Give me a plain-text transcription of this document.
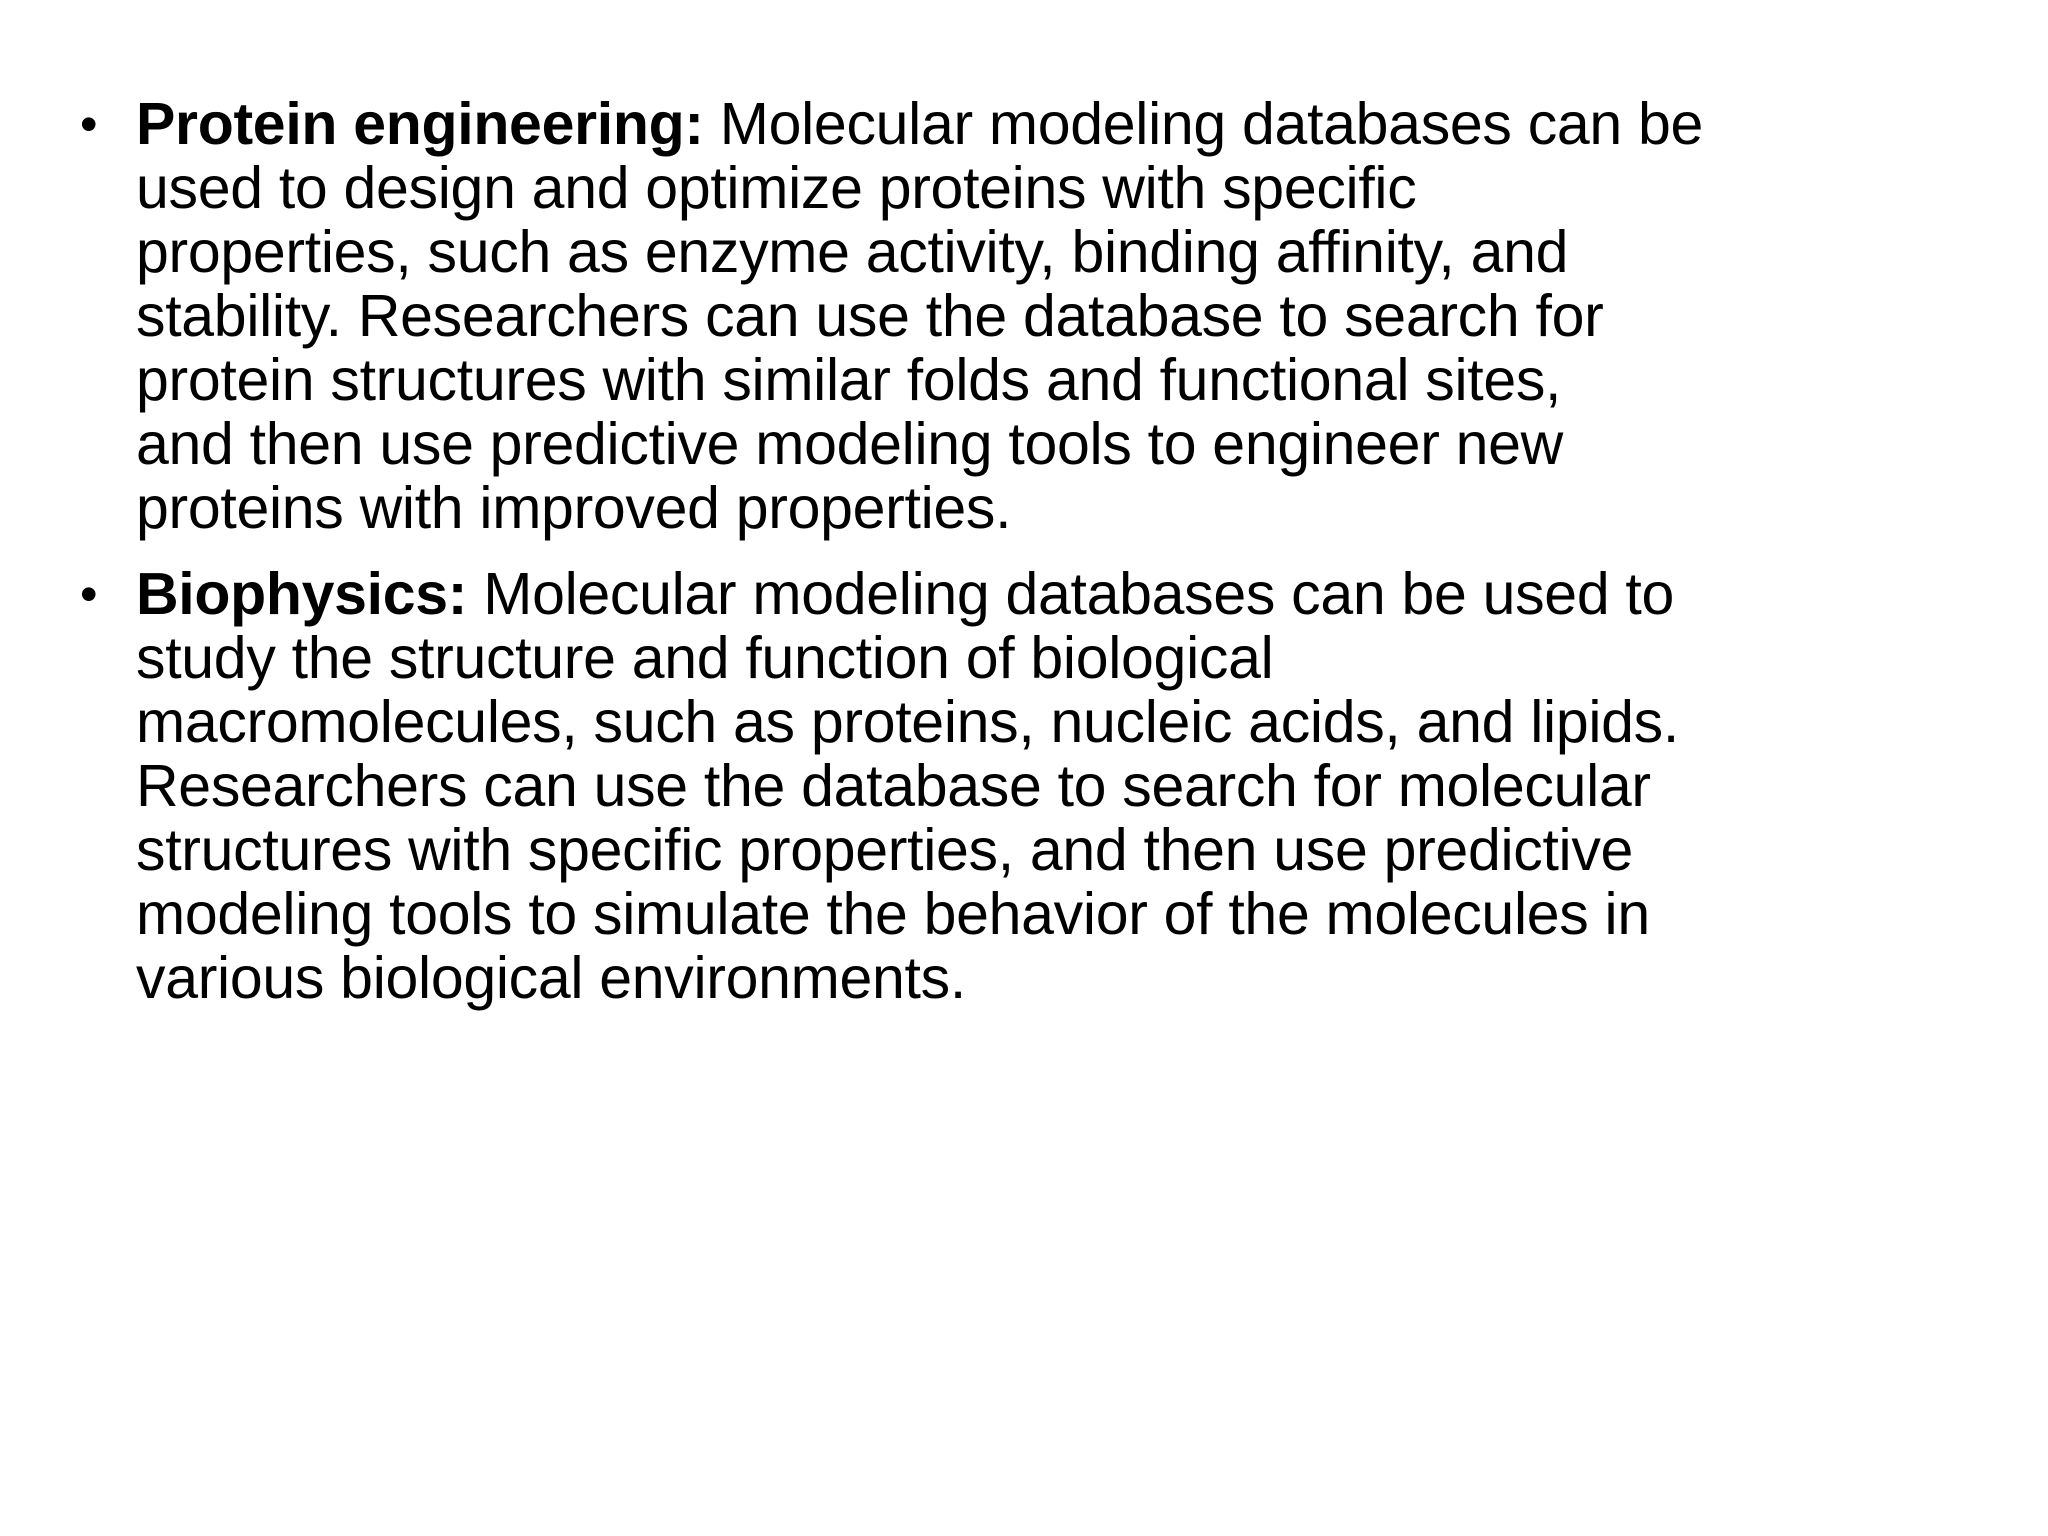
• Protein engineering: Molecular modeling databases can be
used to design and optimize proteins with specific
properties, such as enzyme activity, binding affinity, and
stability. Researchers can use the database to search for
protein structures with similar folds and functional sites,
and then use predictive modeling tools to engineer new
proteins with improved properties.
• Biophysics: Molecular modeling databases can be used to
study the structure and function of biological
macromolecules, such as proteins, nucleic acids, and lipids.
Researchers can use the database to search for molecular
structures with specific properties, and then use predictive
modeling tools to simulate the behavior of the molecules in
various biological environments.
